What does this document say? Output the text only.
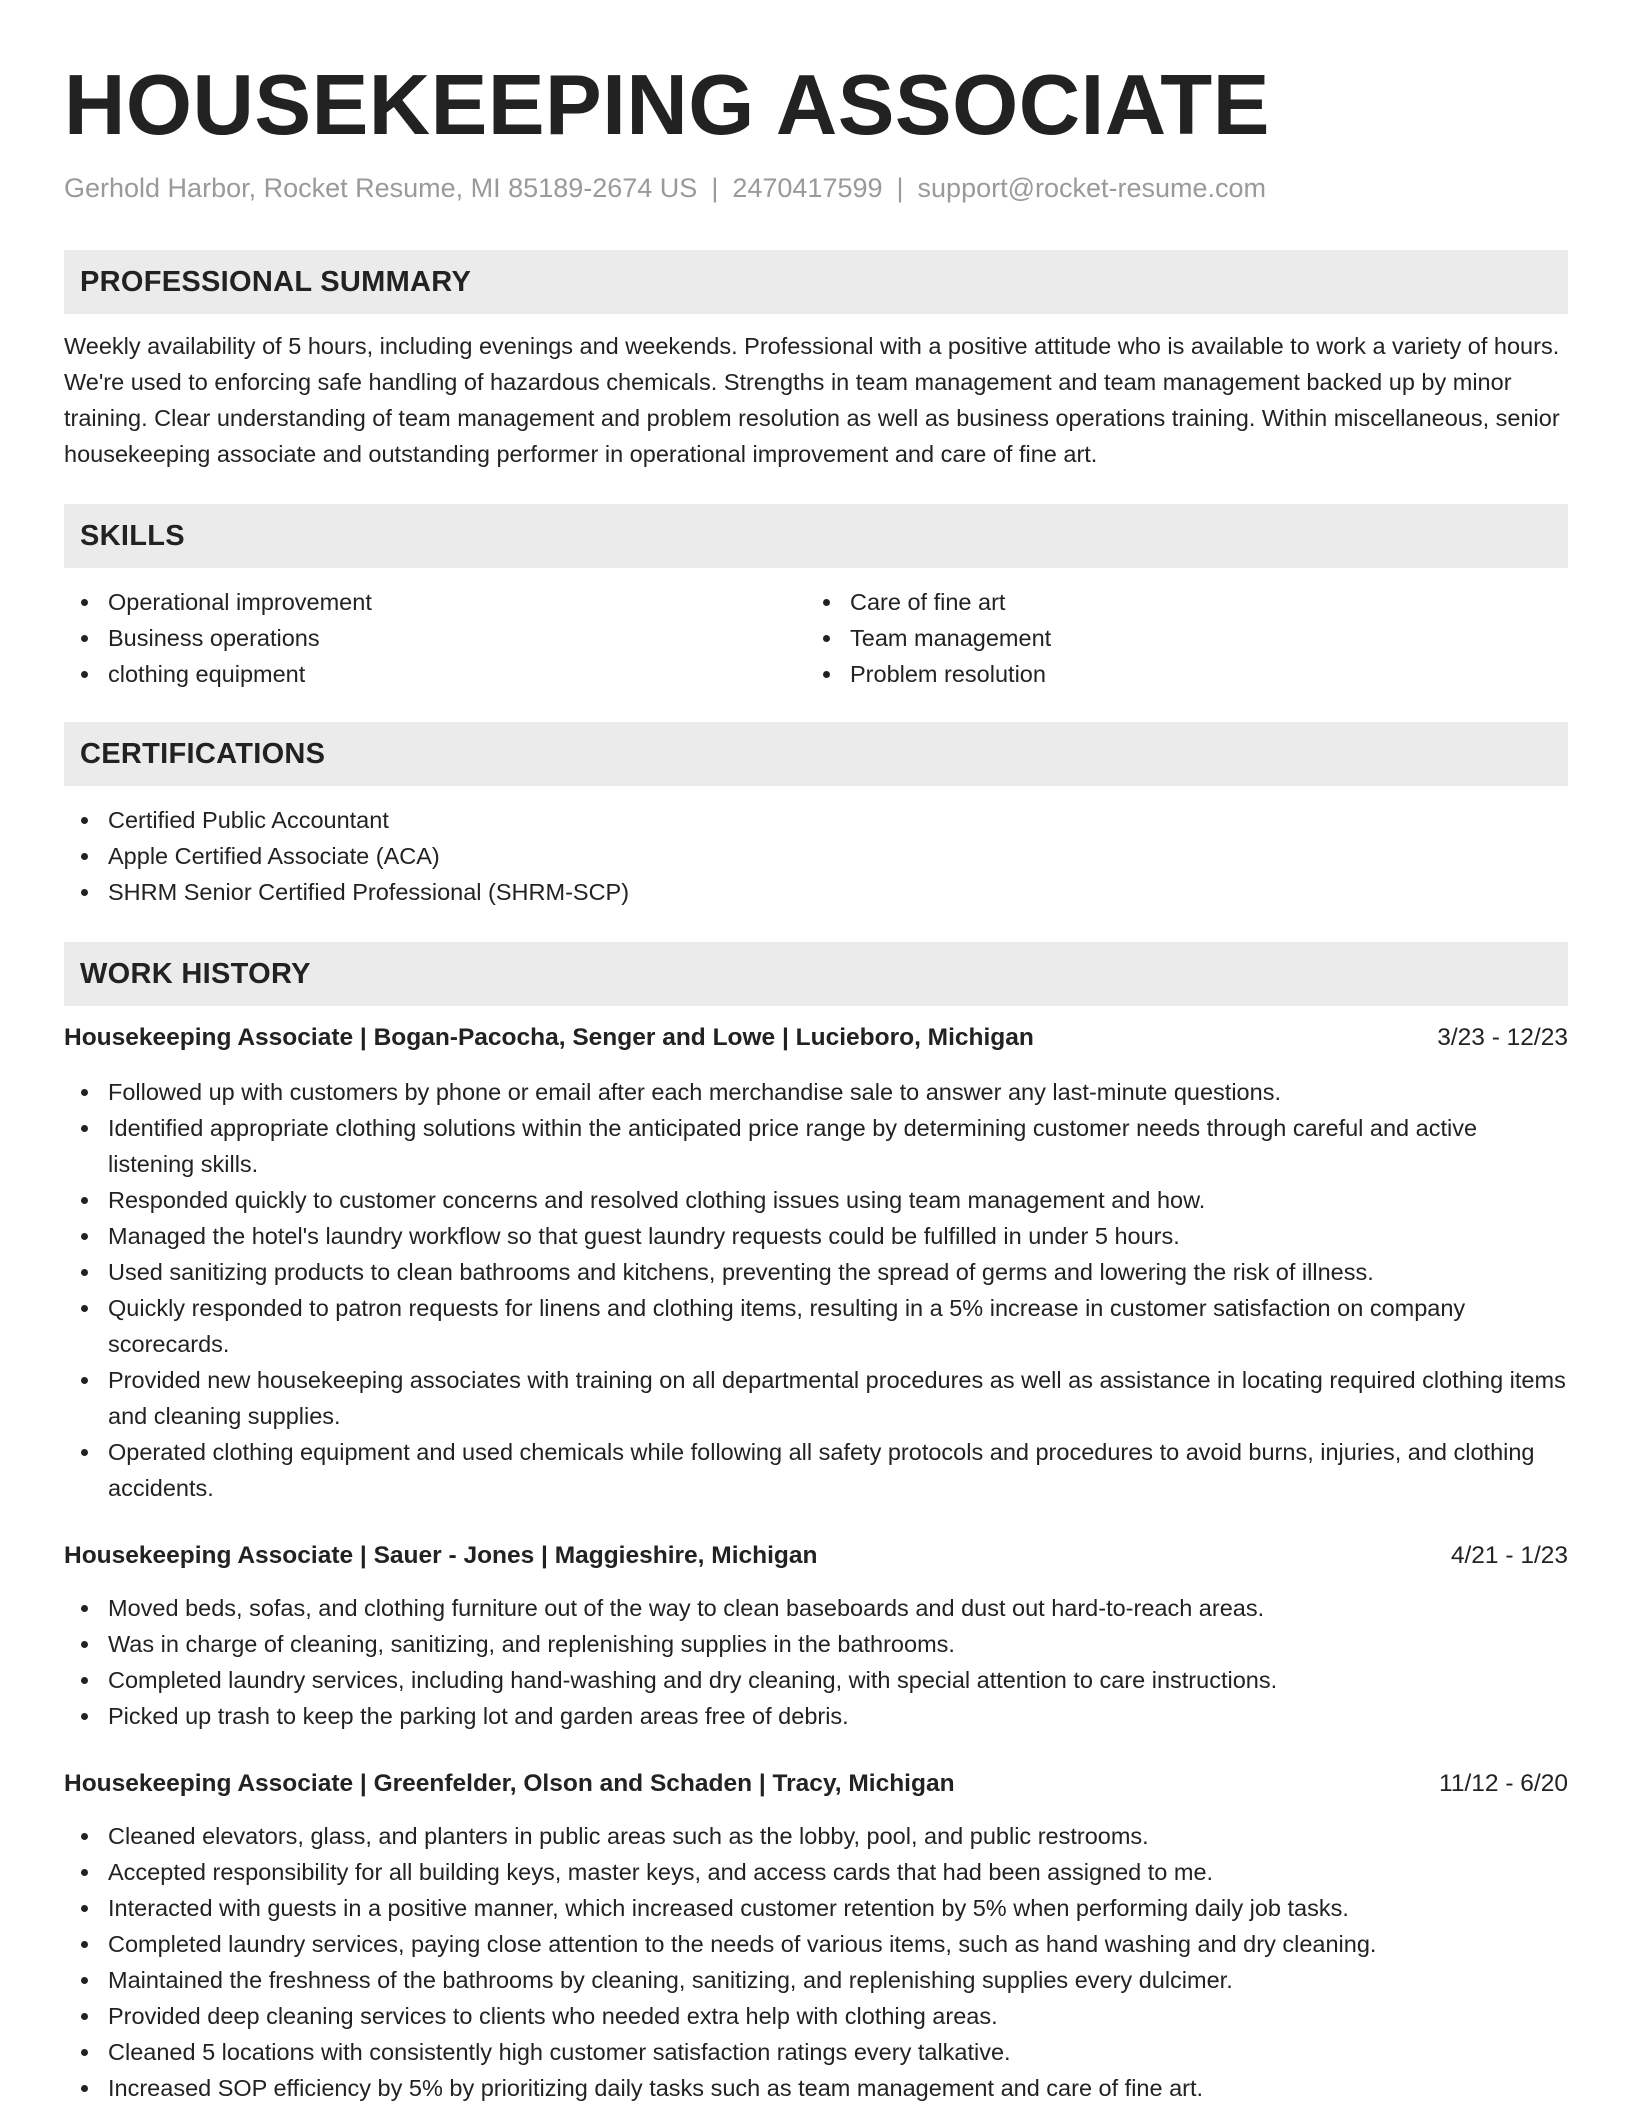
HOUSEKEEPING ASSOCIATE
Gerhold Harbor, Rocket Resume, MI 85189-2674 US | 2470417599 | support@rocket-resume.com
PROFESSIONAL SUMMARY

Weekly availability of 5 hours, including evenings and weekends. Professional with a positive attitude who is available to work a variety of hours. We're used to enforcing safe handling of hazardous chemicals. Strengths in team management and team management backed up by minor training. Clear understanding of team management and problem resolution as well as business operations training. Within miscellaneous, senior housekeeping associate and outstanding performer in operational improvement and care of fine art.

SKILLS
Operational improvement
Business operations
clothing equipment
Care of fine art
Team management
Problem resolution
CERTIFICATIONS
Certified Public Accountant
Apple Certified Associate (ACA)
SHRM Senior Certified Professional (SHRM-SCP)
WORK HISTORY
Housekeeping Associate | Bogan-Pacocha, Senger and Lowe | Lucieboro, Michigan	3/23 - 12/23
Followed up with customers by phone or email after each merchandise sale to answer any last-minute questions.
Identified appropriate clothing solutions within the anticipated price range by determining customer needs through careful and active listening skills.
Responded quickly to customer concerns and resolved clothing issues using team management and how.
Managed the hotel's laundry workflow so that guest laundry requests could be fulfilled in under 5 hours.
Used sanitizing products to clean bathrooms and kitchens, preventing the spread of germs and lowering the risk of illness.
Quickly responded to patron requests for linens and clothing items, resulting in a 5% increase in customer satisfaction on company scorecards.
Provided new housekeeping associates with training on all departmental procedures as well as assistance in locating required clothing items and cleaning supplies.
Operated clothing equipment and used chemicals while following all safety protocols and procedures to avoid burns, injuries, and clothing accidents.
Housekeeping Associate | Sauer - Jones | Maggieshire, Michigan	4/21 - 1/23
Moved beds, sofas, and clothing furniture out of the way to clean baseboards and dust out hard-to-reach areas.
Was in charge of cleaning, sanitizing, and replenishing supplies in the bathrooms.
Completed laundry services, including hand-washing and dry cleaning, with special attention to care instructions.
Picked up trash to keep the parking lot and garden areas free of debris.
Housekeeping Associate | Greenfelder, Olson and Schaden | Tracy, Michigan	11/12 - 6/20
Cleaned elevators, glass, and planters in public areas such as the lobby, pool, and public restrooms.
Accepted responsibility for all building keys, master keys, and access cards that had been assigned to me.
Interacted with guests in a positive manner, which increased customer retention by 5% when performing daily job tasks.
Completed laundry services, paying close attention to the needs of various items, such as hand washing and dry cleaning.
Maintained the freshness of the bathrooms by cleaning, sanitizing, and replenishing supplies every dulcimer.
Provided deep cleaning services to clients who needed extra help with clothing areas.
Cleaned 5 locations with consistently high customer satisfaction ratings every talkative.
Increased SOP efficiency by 5% by prioritizing daily tasks such as team management and care of fine art.
